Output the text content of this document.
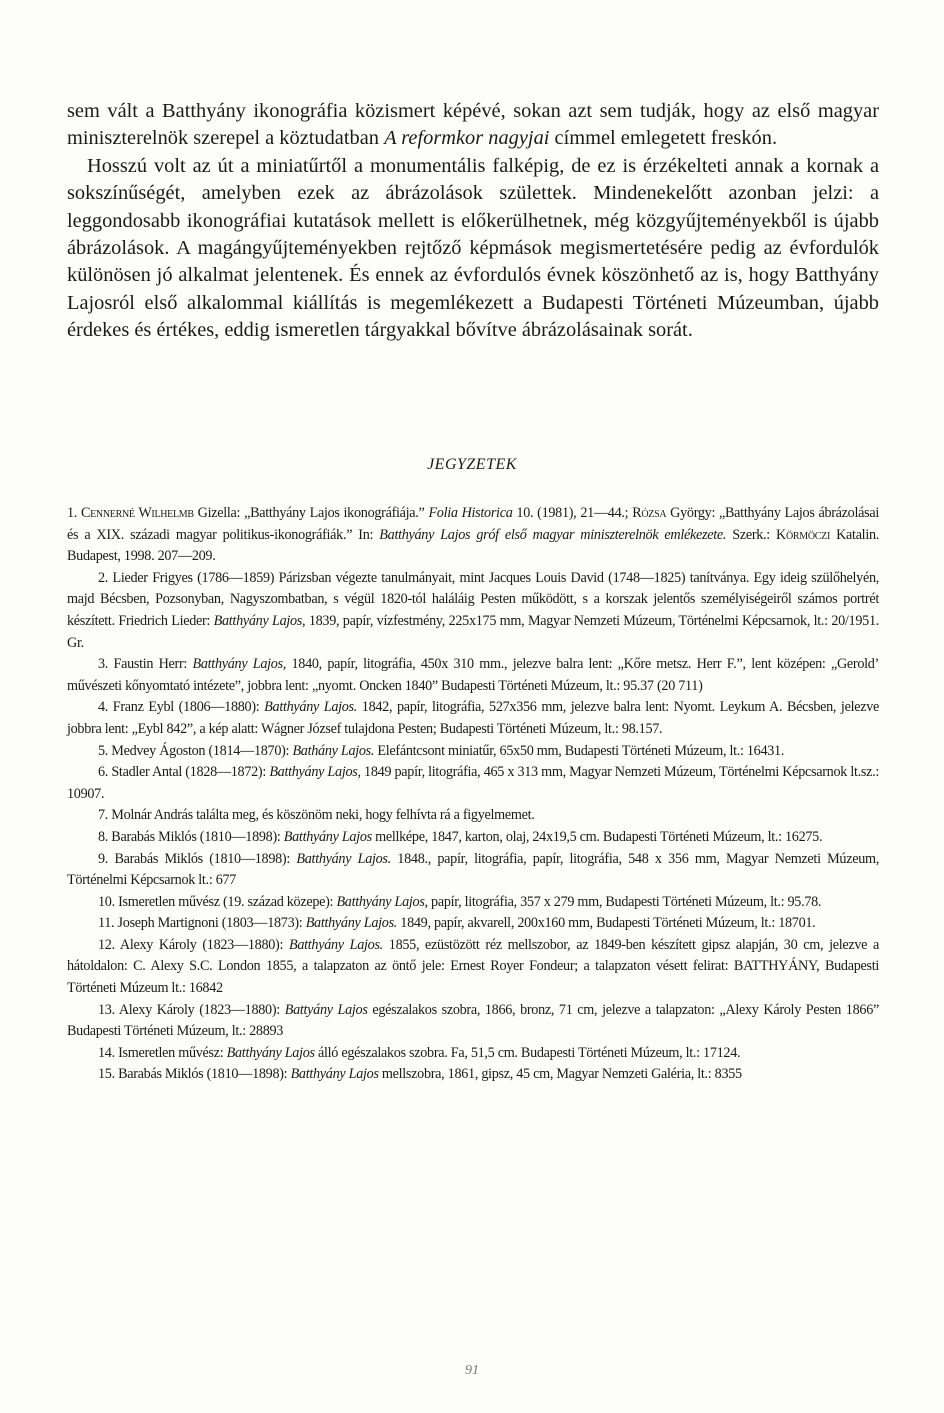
sem vált a Batthyány ikonográfia közismert képévé, sokan azt sem tudják, hogy az első magyar miniszterelnök szerepel a köztudatban A reformkor nagyjai címmel emlegetett freskón.

Hosszú volt az út a miniatűrtől a monumentális falképig, de ez is érzékelteti annak a kornak a sokszínűségét, amelyben ezek az ábrázolások születtek. Mindenekelőtt azonban jelzi: a leggondosabb ikonográfiai kutatások mellett is előkerülhetnek, még közgyűjteményekből is újabb ábrázolások. A magángyűjteményekben rejtőző képmások megismertetésére pedig az évfordulók különösen jó alkalmat jelentenek. És ennek az évfordulós évnek köszönhető az is, hogy Batthyány Lajosról első alkalommal kiállítás is megemlékezett a Budapesti Történeti Múzeumban, újabb érdekes és értékes, eddig ismeretlen tárgyakkal bővítve ábrázolásainak sorát.

JEGYZETEK

1. Cennerné Wilhelmb Gizella: „Batthyány Lajos ikonográfiája.” Folia Historica 10. (1981), 21—44.; Rózsa György: „Batthyány Lajos ábrázolásai és a XIX. századi magyar politikus-ikonográfiák.” In: Batthyány Lajos gróf első magyar miniszterelnök emlékezete. Szerk.: Körmöczi Katalin. Budapest, 1998. 207—209.

2. Lieder Frigyes (1786—1859) Párizsban végezte tanulmányait, mint Jacques Louis David (1748—1825) tanítványa. Egy ideig szülőhelyén, majd Bécsben, Pozsonyban, Nagyszombatban, s végül 1820-tól haláláig Pesten működött, s a korszak jelentős személyiségeiről számos portrét készített. Friedrich Lieder: Batthyány Lajos, 1839, papír, vízfestmény, 225x175 mm, Magyar Nemzeti Múzeum, Történelmi Képcsarnok, lt.: 20/1951. Gr.

3. Faustin Herr: Batthyány Lajos, 1840, papír, litográfia, 450x 310 mm., jelezve balra lent: „Kőre metsz. Herr F.”, lent középen: „Gerold’ művészeti kőnyomtató intézete”, jobbra lent: „nyomt. Oncken 1840” Budapesti Történeti Múzeum, lt.: 95.37 (20 711)

4. Franz Eybl (1806—1880): Batthyány Lajos. 1842, papír, litográfia, 527x356 mm, jelezve balra lent: Nyomt. Leykum A. Bécsben, jelezve jobbra lent: „Eybl 842”, a kép alatt: Wágner József tulajdona Pesten; Budapesti Történeti Múzeum, lt.: 98.157.

5. Medvey Ágoston (1814—1870): Bathány Lajos. Elefántcsont miniatűr, 65x50 mm, Budapesti Történeti Múzeum, lt.: 16431.

6. Stadler Antal (1828—1872): Batthyány Lajos, 1849 papír, litográfia, 465 x 313 mm, Magyar Nemzeti Múzeum, Történelmi Képcsarnok lt.sz.: 10907.

7. Molnár András találta meg, és köszönöm neki, hogy felhívta rá a figyelmemet.

8. Barabás Miklós (1810—1898): Batthyány Lajos mellképe, 1847, karton, olaj, 24x19,5 cm. Budapesti Történeti Múzeum, lt.: 16275.

9. Barabás Miklós (1810—1898): Batthyány Lajos. 1848., papír, litográfia, papír, litográfia, 548 x 356 mm, Magyar Nemzeti Múzeum, Történelmi Képcsarnok lt.: 677

10. Ismeretlen művész (19. század közepe): Batthyány Lajos, papír, litográfia, 357 x 279 mm, Budapesti Történeti Múzeum, lt.: 95.78.

11. Joseph Martignoni (1803—1873): Batthyány Lajos. 1849, papír, akvarell, 200x160 mm, Budapesti Történeti Múzeum, lt.: 18701.

12. Alexy Károly (1823—1880): Batthyány Lajos. 1855, ezüstözött réz mellszobor, az 1849-ben készített gipsz alapján, 30 cm, jelezve a hátoldalon: C. Alexy S.C. London 1855, a talapzaton az öntő jele: Ernest Royer Fondeur; a talapzaton vésett felirat: BATTHYÁNY, Budapesti Történeti Múzeum lt.: 16842

13. Alexy Károly (1823—1880): Battyány Lajos egészalakos szobra, 1866, bronz, 71 cm, jelezve a talapzaton: „Alexy Károly Pesten 1866” Budapesti Történeti Múzeum, lt.: 28893

14. Ismeretlen művész: Batthyány Lajos álló egészalakos szobra. Fa, 51,5 cm. Budapesti Történeti Múzeum, lt.: 17124.

15. Barabás Miklós (1810—1898): Batthyány Lajos mellszobra, 1861, gipsz, 45 cm, Magyar Nemzeti Galéria, lt.: 8355

91
